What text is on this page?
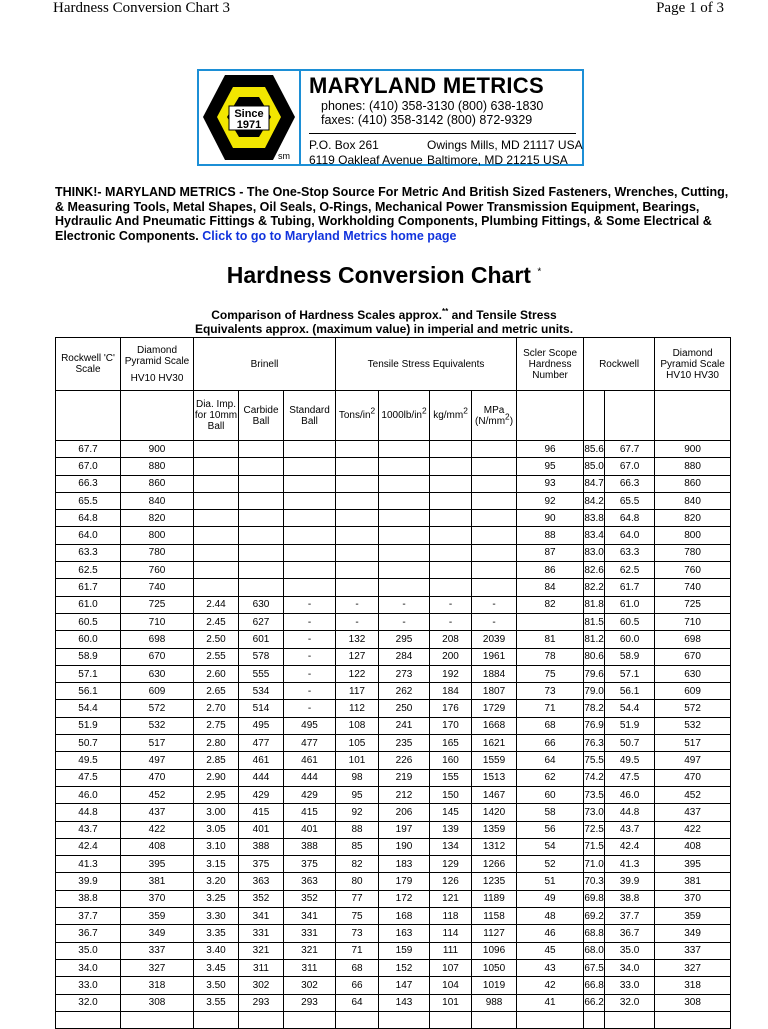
Hardness Conversion Chart 3	Page 1 of 3
Since
1971
sm
MARYLAND METRICS
phones: (410) 358-3130 (800) 638-1830
faxes: (410) 358-3142 (800) 872-9329
P.O. Box 261	Owings Mills, MD 21117 USA
6119 Oakleaf Avenue Baltimore, MD 21215 USA
THINK!- MARYLAND METRICS - The One-Stop Source For Metric And British Sized Fasteners, Wrenches, Cutting, & Measuring Tools, Metal Shapes, Oil Seals, O-Rings, Mechanical Power Transmission Equipment, Bearings, Hydraulic And Pneumatic Fittings & Tubing, Workholding Components, Plumbing Fittings, & Some Electrical & Electronic Components. Click to go to Maryland Metrics home page
Hardness Conversion Chart *
Comparison of Hardness Scales approx.** and Tensile Stress
Equivalents approx. (maximum value) in imperial and metric units.
Rockwell 'C' Scale	Diamond Pyramid Scale
HV10 HV30	Brinell			Tensile Stress Equivalents				Scler Scope Hardness Number	Rockwell		Diamond Pyramid Scale HV10 HV30
		Dia. Imp. for 10mm Ball	Carbide Ball	Standard Ball	Tons/$in^2$	$1000lb/in^2$	$kg/mm^2$	MPa
$(N/mm^2)$				

67.7	900								96	85.6	67.7	900
67.0	880								95	85.0	67.0	880
66.3	860								93	84.7	66.3	860
65.5	840								92	84.2	65.5	840
64.8	820								90	83.8	64.8	820
64.0	800								88	83.4	64.0	800
63.3	780								87	83.0	63.3	780
62.5	760								86	82.6	62.5	760
61.7	740								84	82.2	61.7	740
61.0	725	2.44	630	-	-	-	-	-	82	81.8	61.0	725
60.5	710	2.45	627	-	-	-	-	-		81.5	60.5	710
60.0	698	2.50	601	-	132	295	208	2039	81	81.2	60.0	698
58.9	670	2.55	578	-	127	284	200	1961	78	80.6	58.9	670
57.1	630	2.60	555	-	122	273	192	1884	75	79.6	57.1	630
56.1	609	2.65	534	-	117	262	184	1807	73	79.0	56.1	609
54.4	572	2.70	514	-	112	250	176	1729	71	78.2	54.4	572
51.9	532	2.75	495	495	108	241	170	1668	68	76.9	51.9	532
50.7	517	2.80	477	477	105	235	165	1621	66	76.3	50.7	517
49.5	497	2.85	461	461	101	226	160	1559	64	75.5	49.5	497
47.5	470	2.90	444	444	98	219	155	1513	62	74.2	47.5	470
46.0	452	2.95	429	429	95	212	150	1467	60	73.5	46.0	452
44.8	437	3.00	415	415	92	206	145	1420	58	73.0	44.8	437
43.7	422	3.05	401	401	88	197	139	1359	56	72.5	43.7	422
42.4	408	3.10	388	388	85	190	134	1312	54	71.5	42.4	408
41.3	395	3.15	375	375	82	183	129	1266	52	71.0	41.3	395
39.9	381	3.20	363	363	80	179	126	1235	51	70.3	39.9	381
38.8	370	3.25	352	352	77	172	121	1189	49	69.8	38.8	370
37.7	359	3.30	341	341	75	168	118	1158	48	69.2	37.7	359
36.7	349	3.35	331	331	73	163	114	1127	46	68.8	36.7	349
35.0	337	3.40	321	321	71	159	111	1096	45	68.0	35.0	337
34.0	327	3.45	311	311	68	152	107	1050	43	67.5	34.0	327
33.0	318	3.50	302	302	66	147	104	1019	42	66.8	33.0	318
32.0	308	3.55	293	293	64	143	101	988	41	66.2	32.0	308
